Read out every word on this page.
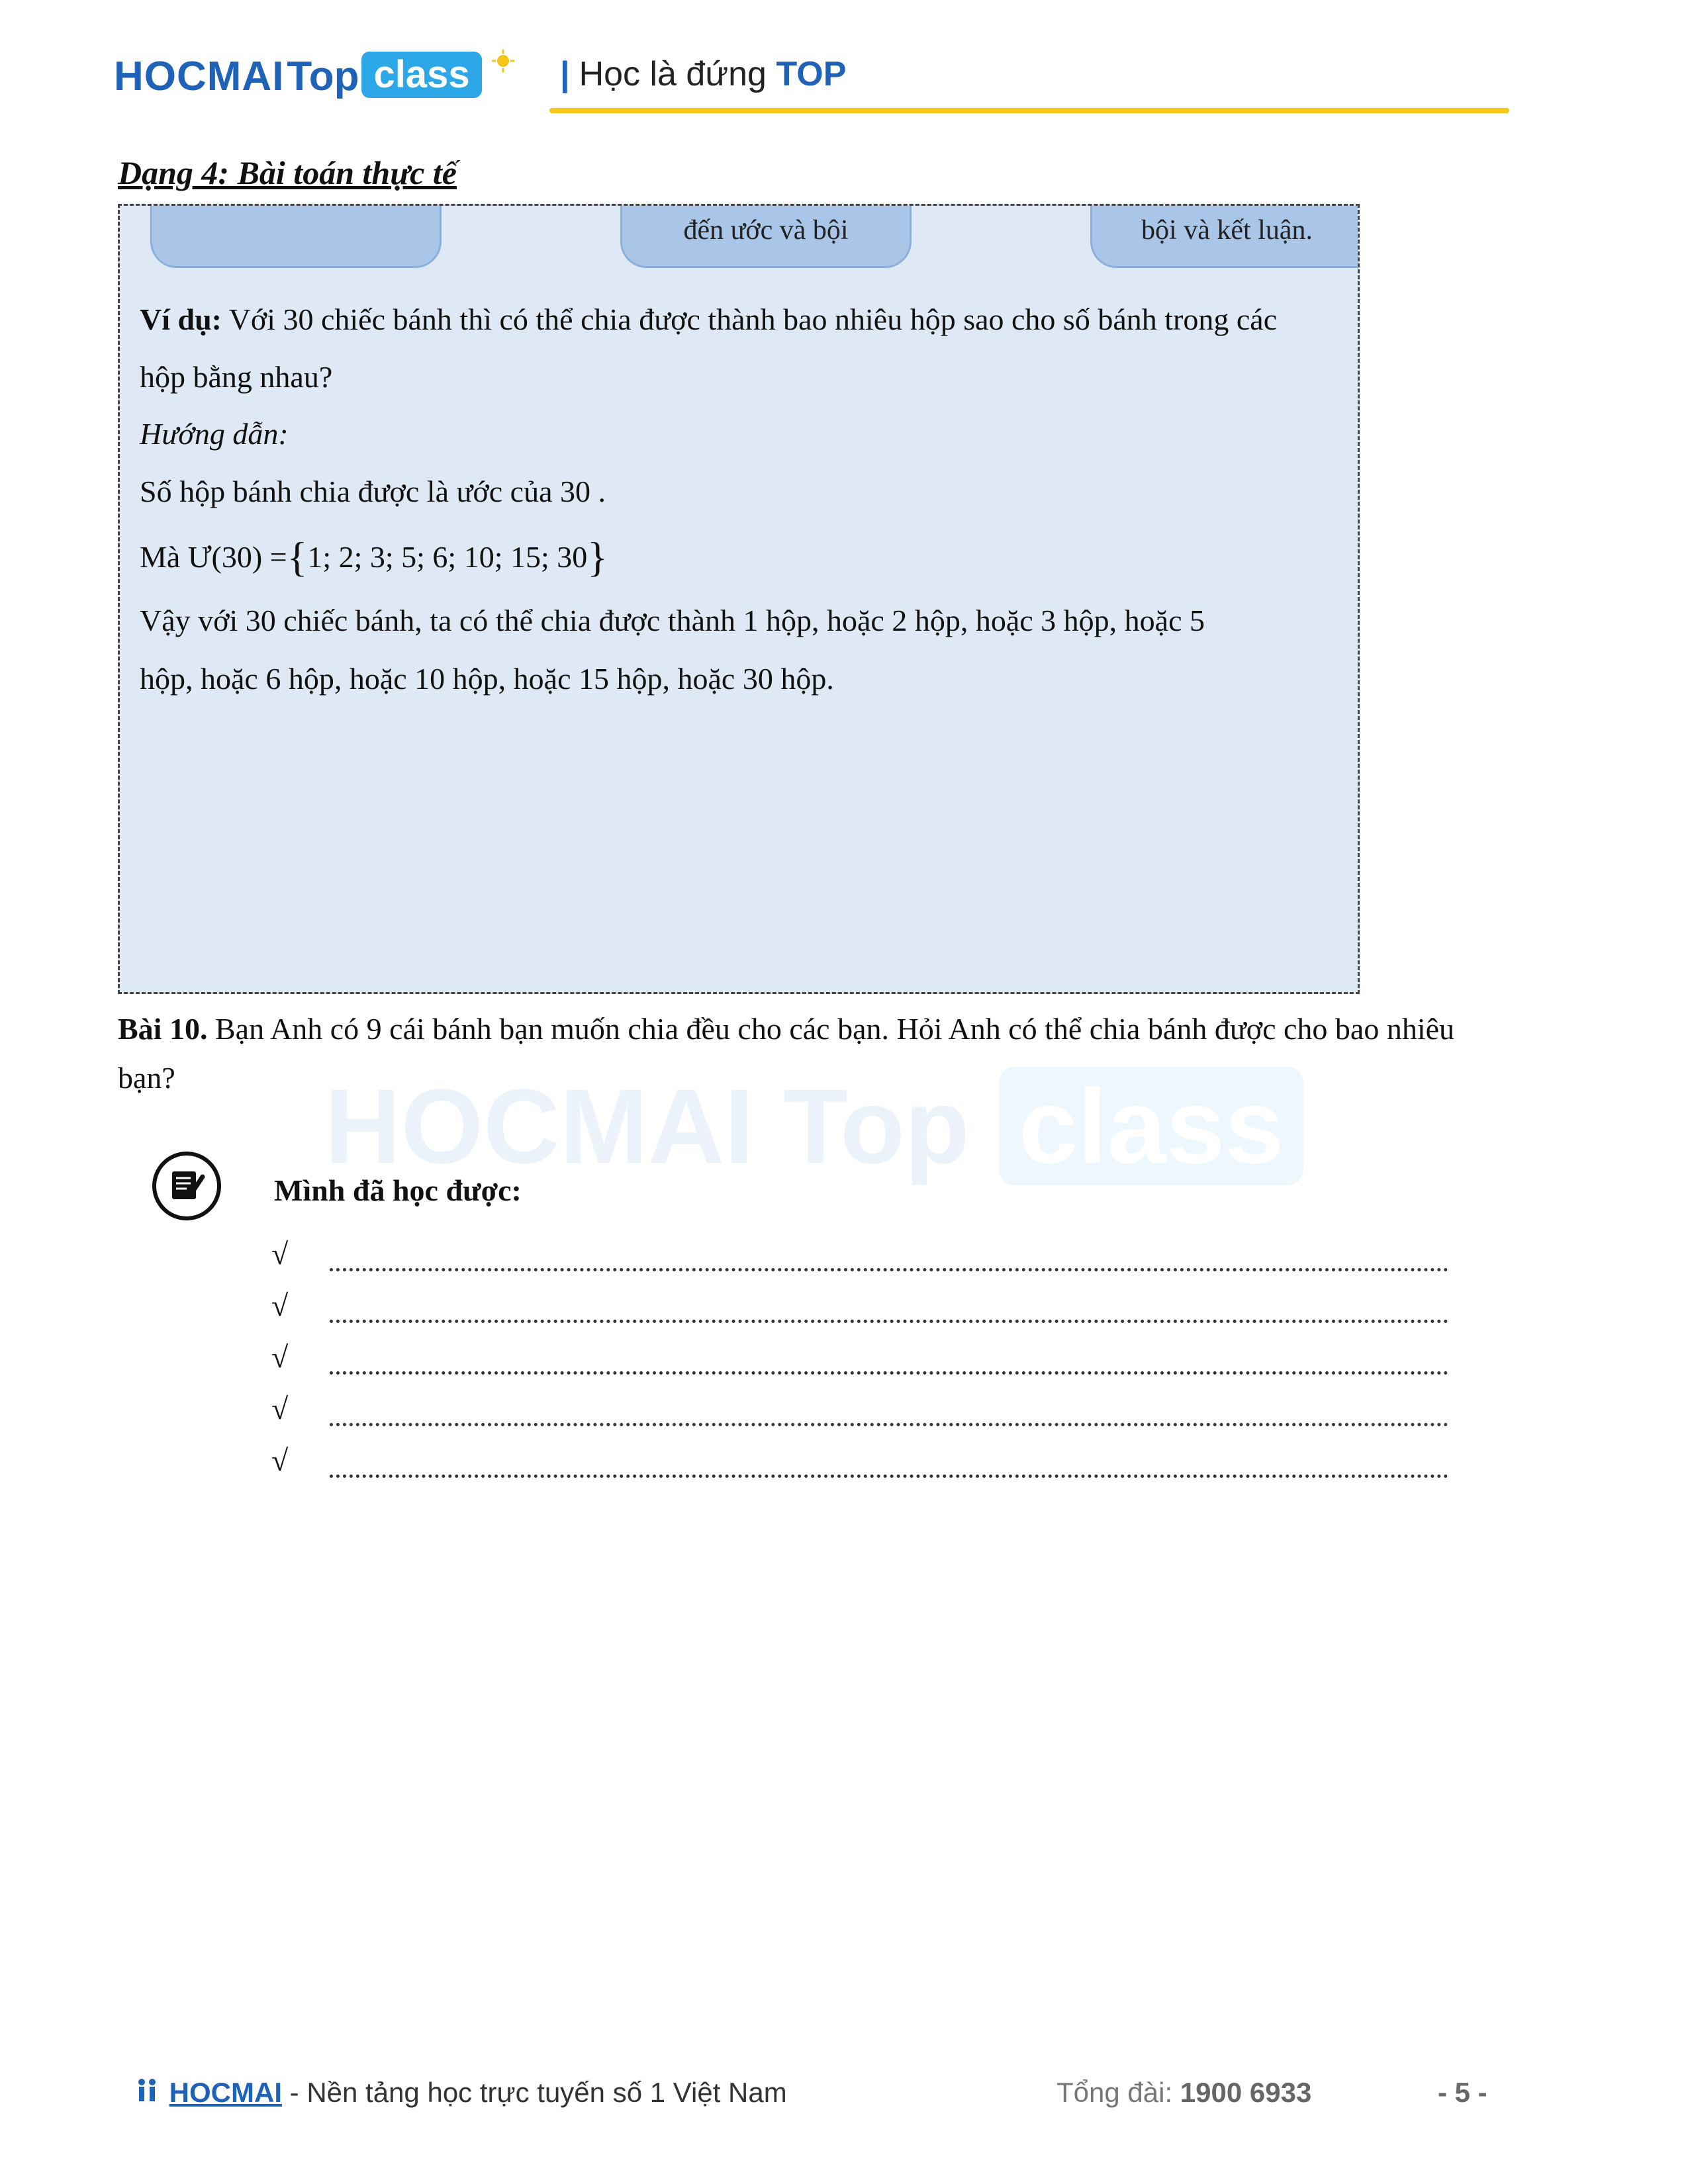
HOCMAI Top class	| Học là đứng TOP
Dạng 4: Bài toán thực tế
đến ước và bội	bội và kết luận.
Ví dụ: Với 30 chiếc bánh thì có thể chia được thành bao nhiêu hộp sao cho số bánh trong các
hộp bằng nhau?
Hướng dẫn:
Số hộp bánh chia được là ước của 30 .
Mà Ư(30) ={1; 2; 3; 5; 6; 10; 15; 30}
Vậy với 30 chiếc bánh, ta có thể chia được thành 1 hộp, hoặc 2 hộp, hoặc 3 hộp, hoặc 5
hộp, hoặc 6 hộp, hoặc 10 hộp, hoặc 15 hộp, hoặc 30 hộp.
HOCMAI Top class
Bài 10. Bạn Anh có 9 cái bánh bạn muốn chia đều cho các bạn. Hỏi Anh có thể chia bánh được cho bao nhiêu
bạn?
Mình đã học được:
√
√
√
√
√
HOCMAI - Nền tảng học trực tuyến số 1 Việt Nam	Tổng đài: 1900 6933	- 5 -
